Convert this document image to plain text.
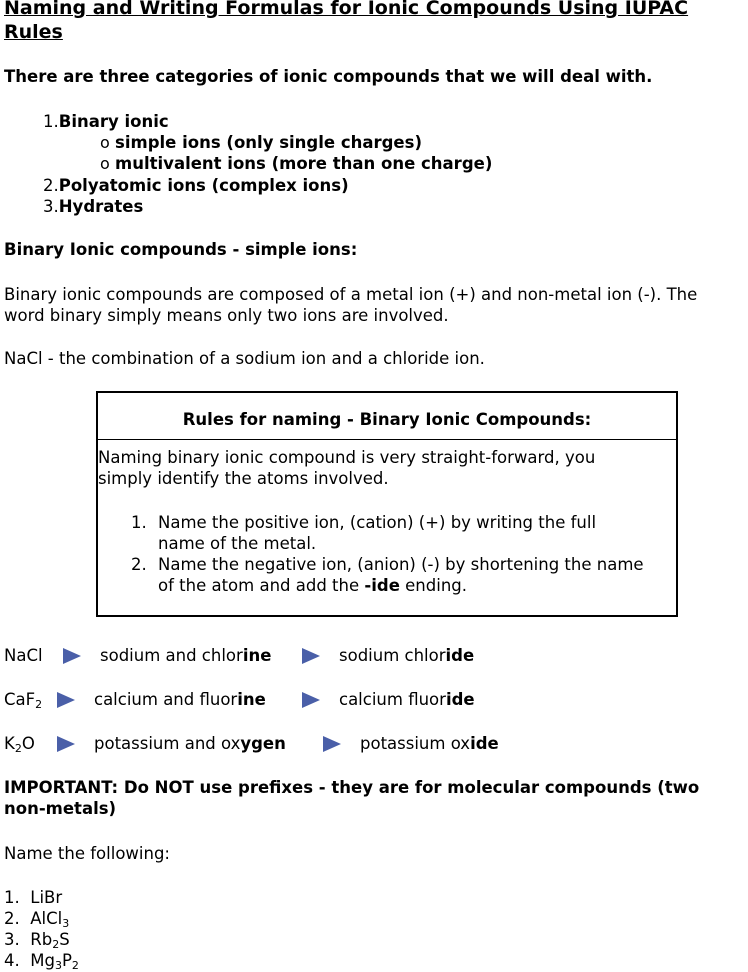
Naming and Writing Formulas for Ionic Compounds Using IUPAC Rules
There are three categories of ionic compounds that we will deal with.
1.Binary ionic
o simple ions (only single charges)
o multivalent ions (more than one charge)
2.Polyatomic ions (complex ions)
3.Hydrates
Binary Ionic compounds - simple ions:
Binary ionic compounds are composed of a metal ion (+) and non-metal ion (-). The
word binary simply means only two ions are involved.
NaCl - the combination of a sodium ion and a chloride ion.
Rules for naming - Binary Ionic Compounds:
Naming binary ionic compound is very straight-forward, you
simply identify the atoms involved.
1. Name the positive ion, (cation) (+) by writing the full
name of the metal.
2. Name the negative ion, (anion) (-) by shortening the name
of the atom and add the -ide ending.
NaCl	sodium and chlorine	sodium chloride
CaF$_2$	calcium and fluorine	calcium fluoride
$K_2O$	potassium and oxygen	potassium oxide
IMPORTANT: Do NOT use prefixes - they are for molecular compounds (two
non-metals)
Name the following:
1. LiBr
2. AlCl$_3$
3. $Rb_2S$
4. $Mg_3P_2$
